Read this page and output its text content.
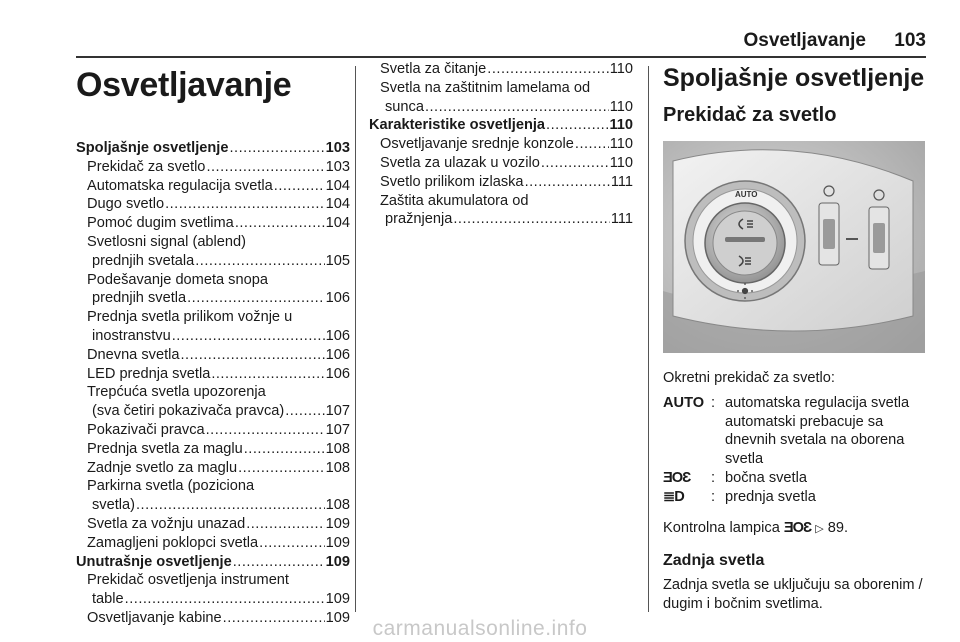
Osvetljavanje 103
Osvetljavanje
Spoljašnje osvetljenje .....	103
Prekidač za svetlo .....	103
Automatska regulacija svetla .....	104
Dugo svetlo .....	104
Pomoć dugim svetlima .....	104
Svetlosni signal (ablend)
prednjih svetala .....	105
Podešavanje dometa snopa
prednjih svetla .....	106
Prednja svetla prilikom vožnje u
inostranstvu .....	106
Dnevna svetla .....	106
LED prednja svetla .....	106
Trepćuća svetla upozorenja
(sva četiri pokazivača pravca) .....	107
Pokazivači pravca .....	107
Prednja svetla za maglu .....	108
Zadnje svetlo za maglu .....	108
Parkirna svetla (poziciona
svetla) .....	108
Svetla za vožnju unazad .....	109
Zamagljeni poklopci svetla .....	109
Unutrašnje osvetljenje .....	109
Prekidač osvetljenja instrument
table .....	109
Osvetljavanje kabine .....	109
Svetla za čitanje .....	110
Svetla na zaštitnim lamelama od
sunca .....	110
Karakteristike osvetljenja .....	110
Osvetljavanje srednje konzole ..... 110
Svetla za ulazak u vozilo .....	110
Svetlo prilikom izlaska .....	111
Zaštita akumulatora od
pražnjenja .....	111
Spoljašnje osvetljenje
Prekidač za svetlo
AUTO
Okretni prekidač za svetlo:
AUTO : automatska regulacija svetla automatski prebacuje sa dnevnih svetala na oborena svetla
ƎOƐ	: bočna svetla
≣D	: prednja svetla
Kontrolna lampica ƎOƐ ▷ 89.
Zadnja svetla
Zadnja svetla se uključuju sa oborenim / dugim i bočnim svetlima.
carmanualsonline.info
